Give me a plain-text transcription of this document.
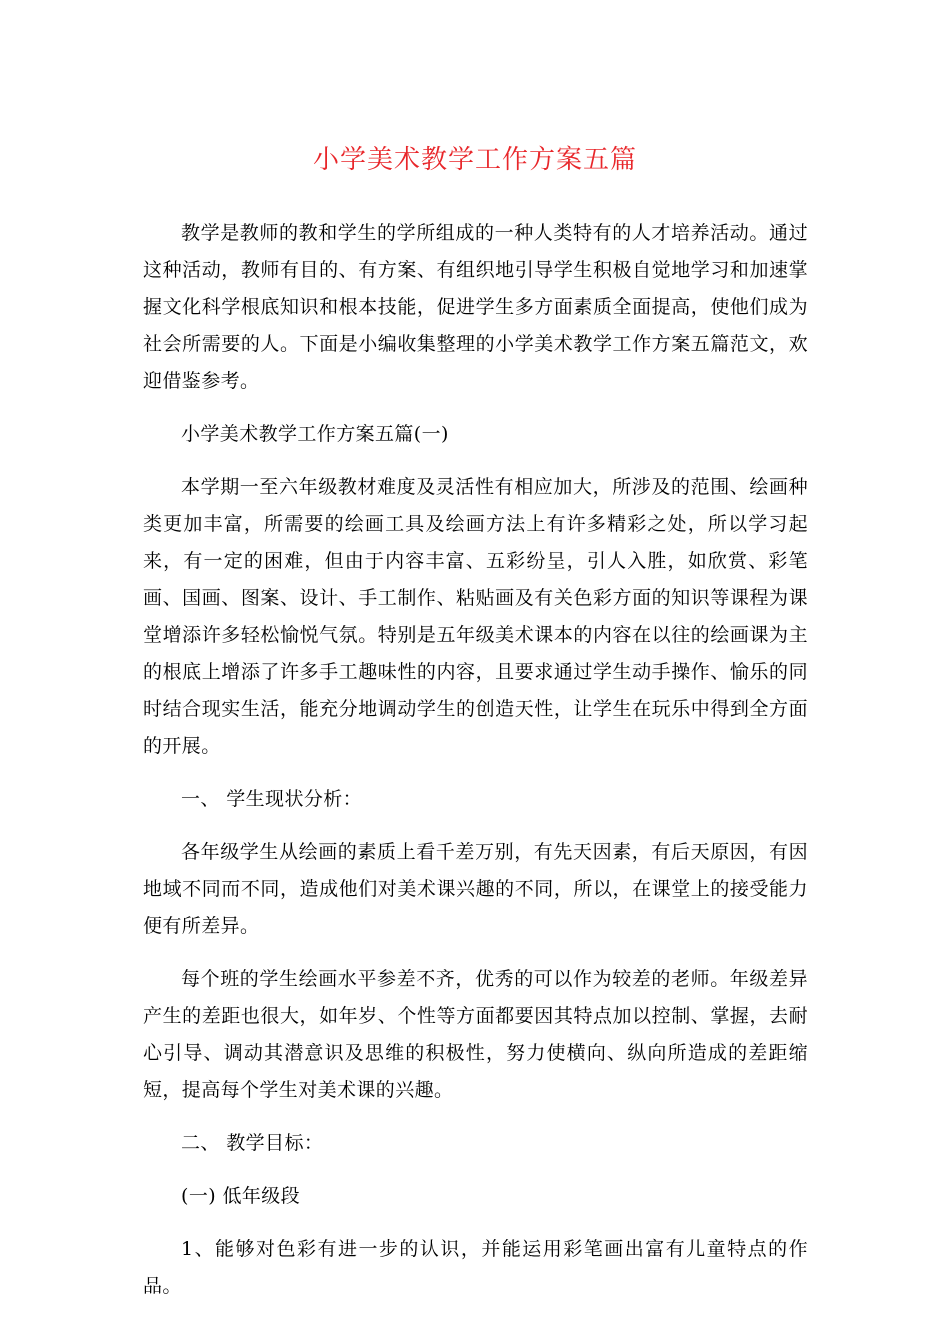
小学美术教学工作方案五篇

教学是教师的教和学生的学所组成的一种人类特有的人才培养活动。通过这种活动，教师有目的、有方案、有组织地引导学生积极自觉地学习和加速掌握文化科学根底知识和根本技能，促进学生多方面素质全面提高，使他们成为社会所需要的人。下面是小编收集整理的小学美术教学工作方案五篇范文，欢迎借鉴参考。

小学美术教学工作方案五篇(一)

本学期一至六年级教材难度及灵活性有相应加大，所涉及的范围、绘画种类更加丰富，所需要的绘画工具及绘画方法上有许多精彩之处，所以学习起来，有一定的困难，但由于内容丰富、五彩纷呈，引人入胜，如欣赏、彩笔画、国画、图案、设计、手工制作、粘贴画及有关色彩方面的知识等课程为课堂增添许多轻松愉悦气氛。特别是五年级美术课本的内容在以往的绘画课为主的根底上增添了许多手工趣味性的内容，且要求通过学生动手操作、愉乐的同时结合现实生活，能充分地调动学生的创造天性，让学生在玩乐中得到全方面的开展。

一、 学生现状分析：

各年级学生从绘画的素质上看千差万别，有先天因素，有后天原因，有因地域不同而不同，造成他们对美术课兴趣的不同，所以，在课堂上的接受能力便有所差异。

每个班的学生绘画水平参差不齐，优秀的可以作为较差的老师。年级差异产生的差距也很大，如年岁、个性等方面都要因其特点加以控制、掌握，去耐心引导、调动其潜意识及思维的积极性，努力使横向、纵向所造成的差距缩短，提高每个学生对美术课的兴趣。

二、 教学目标：

(一) 低年级段

1、能够对色彩有进一步的认识，并能运用彩笔画出富有儿童特点的作品。
